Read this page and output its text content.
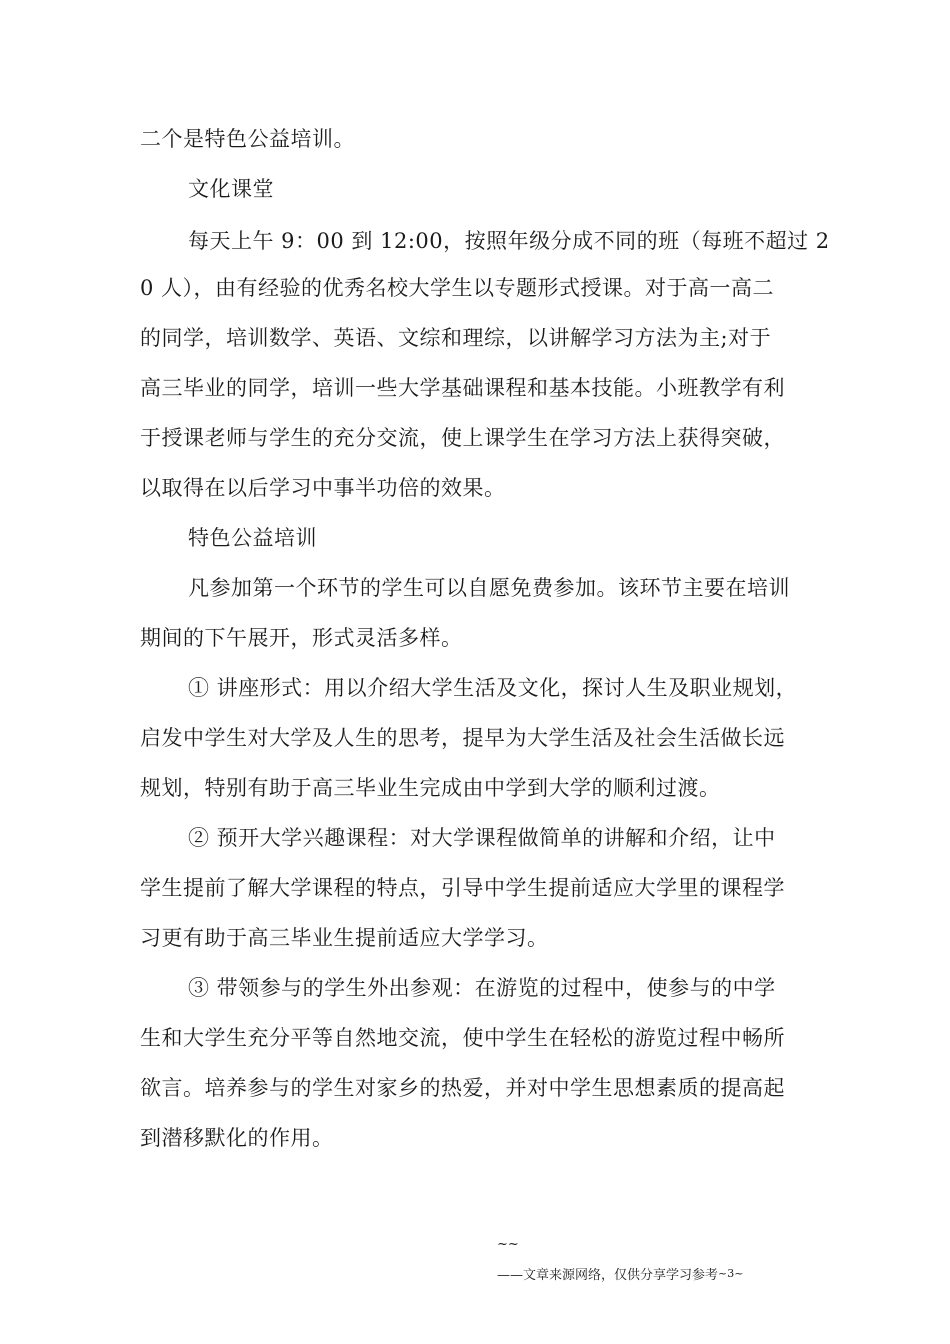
二个是特色公益培训。
文化课堂
每天上午 9：00 到 12:00，按照年级分成不同的班（每班不超过 2
0 人），由有经验的优秀名校大学生以专题形式授课。对于高一高二
的同学，培训数学、英语、文综和理综，以讲解学习方法为主;对于
高三毕业的同学，培训一些大学基础课程和基本技能。小班教学有利
于授课老师与学生的充分交流，使上课学生在学习方法上获得突破，
以取得在以后学习中事半功倍的效果。
特色公益培训
凡参加第一个环节的学生可以自愿免费参加。该环节主要在培训
期间的下午展开，形式灵活多样。
① 讲座形式：用以介绍大学生活及文化，探讨人生及职业规划，
启发中学生对大学及人生的思考，提早为大学生活及社会生活做长远
规划，特别有助于高三毕业生完成由中学到大学的顺利过渡。
② 预开大学兴趣课程：对大学课程做简单的讲解和介绍，让中
学生提前了解大学课程的特点，引导中学生提前适应大学里的课程学
习更有助于高三毕业生提前适应大学学习。
③ 带领参与的学生外出参观：在游览的过程中，使参与的中学
生和大学生充分平等自然地交流，使中学生在轻松的游览过程中畅所
欲言。培养参与的学生对家乡的热爱，并对中学生思想素质的提高起
到潜移默化的作用。
~~
——文章来源网络，仅供分享学习参考~3~
